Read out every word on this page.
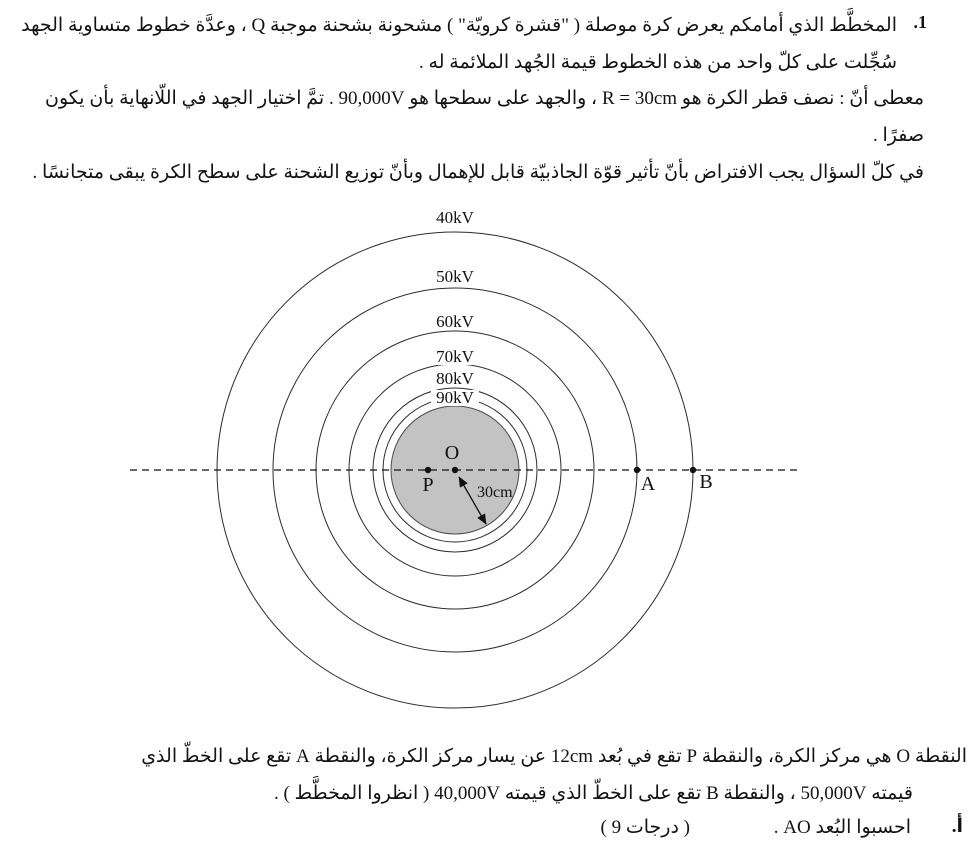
1.
المخطَّط الذي أمامكم يعرض كرة موصلة ( "قشرة كرويّة" ) مشحونة بشحنة موجبة Q ، وعدَّة خطوط متساوية الجهد
سُجِّلت على كلّ واحد من هذه الخطوط قيمة الجُهد الملائمة له .
معطى أنّ : نصف قطر الكرة هو ‎R = 30cm‎ ، والجهد على سطحها هو 90,000V . تمَّ اختيار الجهد في اللّانهاية بأن يكون
صفرًا .
في كلّ السؤال يجب الافتراض بأنّ تأثير قوّة الجاذبيّة قابل للإهمال وبأنّ توزيع الشحنة على سطح الكرة يبقى متجانسًا .
40kV
50kV
60kV
70kV
80kV
90kV
30cm
O
P	A B
النقطة O هي مركز الكرة، والنقطة P تقع في بُعد 12cm عن يسار مركز الكرة، والنقطة A تقع على الخطّ الذي
قيمته 50,000V ، والنقطة B تقع على الخطّ الذي قيمته 40,000V ( انظروا المخطَّط ) .
أ.
احسبوا البُعد AO .
( 9 درجات )
